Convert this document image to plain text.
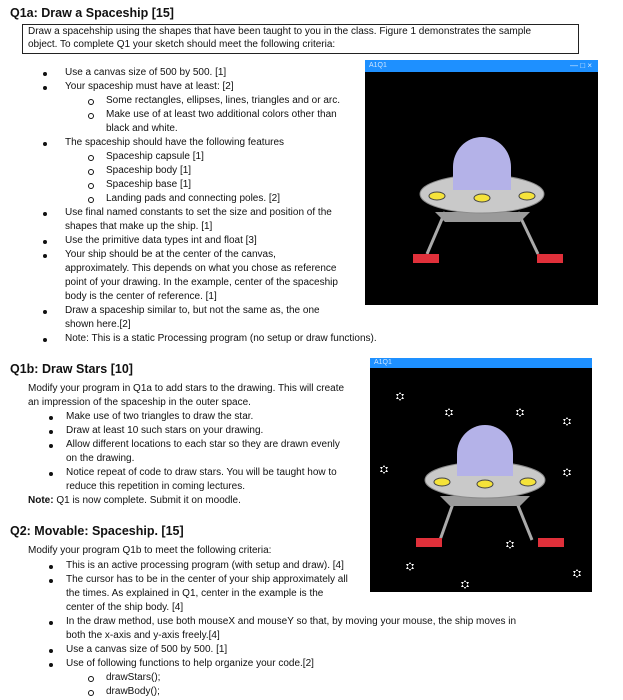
Q1a: Draw a Spaceship [15]
Draw a spacehship using the shapes that have been taught to you in the class. Figure 1 demonstrates the sample
object. To complete Q1 your sketch should meet the following criteria:
Use a canvas size of 500 by 500. [1]
Your spaceship must have at least: [2]
Some rectangles, ellipses, lines, triangles and or arc.
Make use of at least two additional colors other than
black and white.
The spaceship should have the following features
Spaceship capsule [1]
Spaceship body [1]
Spaceship base [1]
Landing pads and connecting poles. [2]
Use final named constants to set the size and position of the
shapes that make up the ship. [1]
Use the primitive data types int and float [3]
Your ship should be at the center of the canvas,
approximately. This depends on what you chose as reference
point of your drawing. In the example, center of the spaceship
body is the center of reference. [1]
Draw a spaceship similar to, but not the same as, the one
shown here.[2]
Note: This is a static Processing program (no setup or draw functions).
A1Q1	— □ ×
Q1b: Draw Stars [10]
Modify your program in Q1a to add stars to the drawing. This will create
an impression of the spaceship in the outer space.
Make use of two triangles to draw the star.
Draw at least 10 such stars on your drawing.
Allow different locations to each star so they are drawn evenly
on the drawing.
Notice repeat of code to draw stars. You will be taught how to
reduce this repetition in coming lectures.
Note: Q1 is now complete. Submit it on moodle.
A1Q1
Q2: Movable: Spaceship. [15]
Modify your program Q1b to meet the following criteria:
This is an active processing program (with setup and draw). [4]
The cursor has to be in the center of your ship approximately all
the times. As explained in Q1, center in the example is the
center of the ship body. [4]
In the draw method, use both mouseX and mouseY so that, by moving your mouse, the ship moves in
both the x-axis and y-axis freely.[4]
Use a canvas size of 500 by 500. [1]
Use of following functions to help organize your code.[2]
drawStars();
drawBody();
